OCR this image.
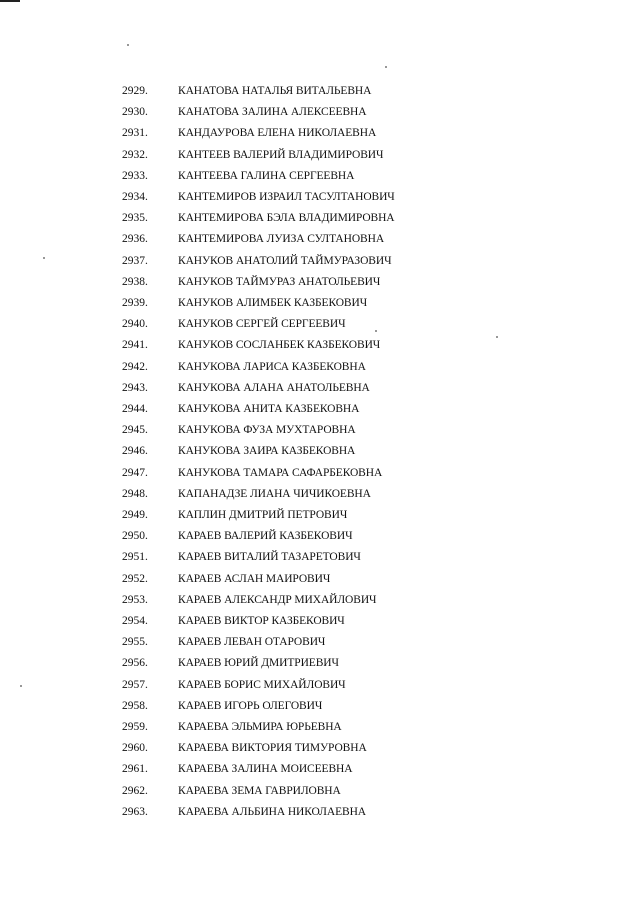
2929.	КАНАТОВА НАТАЛЬЯ ВИТАЛЬЕВНА
2930.	КАНАТОВА ЗАЛИНА АЛЕКСЕЕВНА
2931.	КАНДАУРОВА ЕЛЕНА НИКОЛАЕВНА
2932.	КАНТЕЕВ ВАЛЕРИЙ ВЛАДИМИРОВИЧ
2933.	КАНТЕЕВА ГАЛИНА СЕРГЕЕВНА
2934.	КАНТЕМИРОВ ИЗРАИЛ ТАСУЛТАНОВИЧ
2935.	КАНТЕМИРОВА БЭЛА ВЛАДИМИРОВНА
2936.	КАНТЕМИРОВА ЛУИЗА СУЛТАНОВНА
2937.	КАНУКОВ АНАТОЛИЙ ТАЙМУРАЗОВИЧ
2938.	КАНУКОВ ТАЙМУРАЗ АНАТОЛЬЕВИЧ
2939.	КАНУКОВ АЛИМБЕК КАЗБЕКОВИЧ
2940.	КАНУКОВ СЕРГЕЙ СЕРГЕЕВИЧ
2941.	КАНУКОВ СОСЛАНБЕК КАЗБЕКОВИЧ
2942.	КАНУКОВА ЛАРИСА КАЗБЕКОВНА
2943.	КАНУКОВА АЛАНА АНАТОЛЬЕВНА
2944.	КАНУКОВА АНИТА КАЗБЕКОВНА
2945.	КАНУКОВА ФУЗА МУХТАРОВНА
2946.	КАНУКОВА ЗАИРА КАЗБЕКОВНА
2947.	КАНУКОВА ТАМАРА САФАРБЕКОВНА
2948.	КАПАНАДЗЕ ЛИАНА ЧИЧИКОЕВНА
2949.	КАПЛИН ДМИТРИЙ ПЕТРОВИЧ
2950.	КАРАЕВ ВАЛЕРИЙ КАЗБЕКОВИЧ
2951.	КАРАЕВ ВИТАЛИЙ ТАЗАРЕТОВИЧ
2952.	КАРАЕВ АСЛАН МАИРОВИЧ
2953.	КАРАЕВ АЛЕКСАНДР МИХАЙЛОВИЧ
2954.	КАРАЕВ ВИКТОР КАЗБЕКОВИЧ
2955.	КАРАЕВ ЛЕВАН ОТАРОВИЧ
2956.	КАРАЕВ ЮРИЙ ДМИТРИЕВИЧ
2957.	КАРАЕВ БОРИС МИХАЙЛОВИЧ
2958.	КАРАЕВ ИГОРЬ ОЛЕГОВИЧ
2959.	КАРАЕВА ЭЛЬМИРА ЮРЬЕВНА
2960.	КАРАЕВА ВИКТОРИЯ ТИМУРОВНА
2961.	КАРАЕВА ЗАЛИНА МОИСЕЕВНА
2962.	КАРАЕВА ЗЕМА ГАВРИЛОВНА
2963.	КАРАЕВА АЛЬБИНА НИКОЛАЕВНА
